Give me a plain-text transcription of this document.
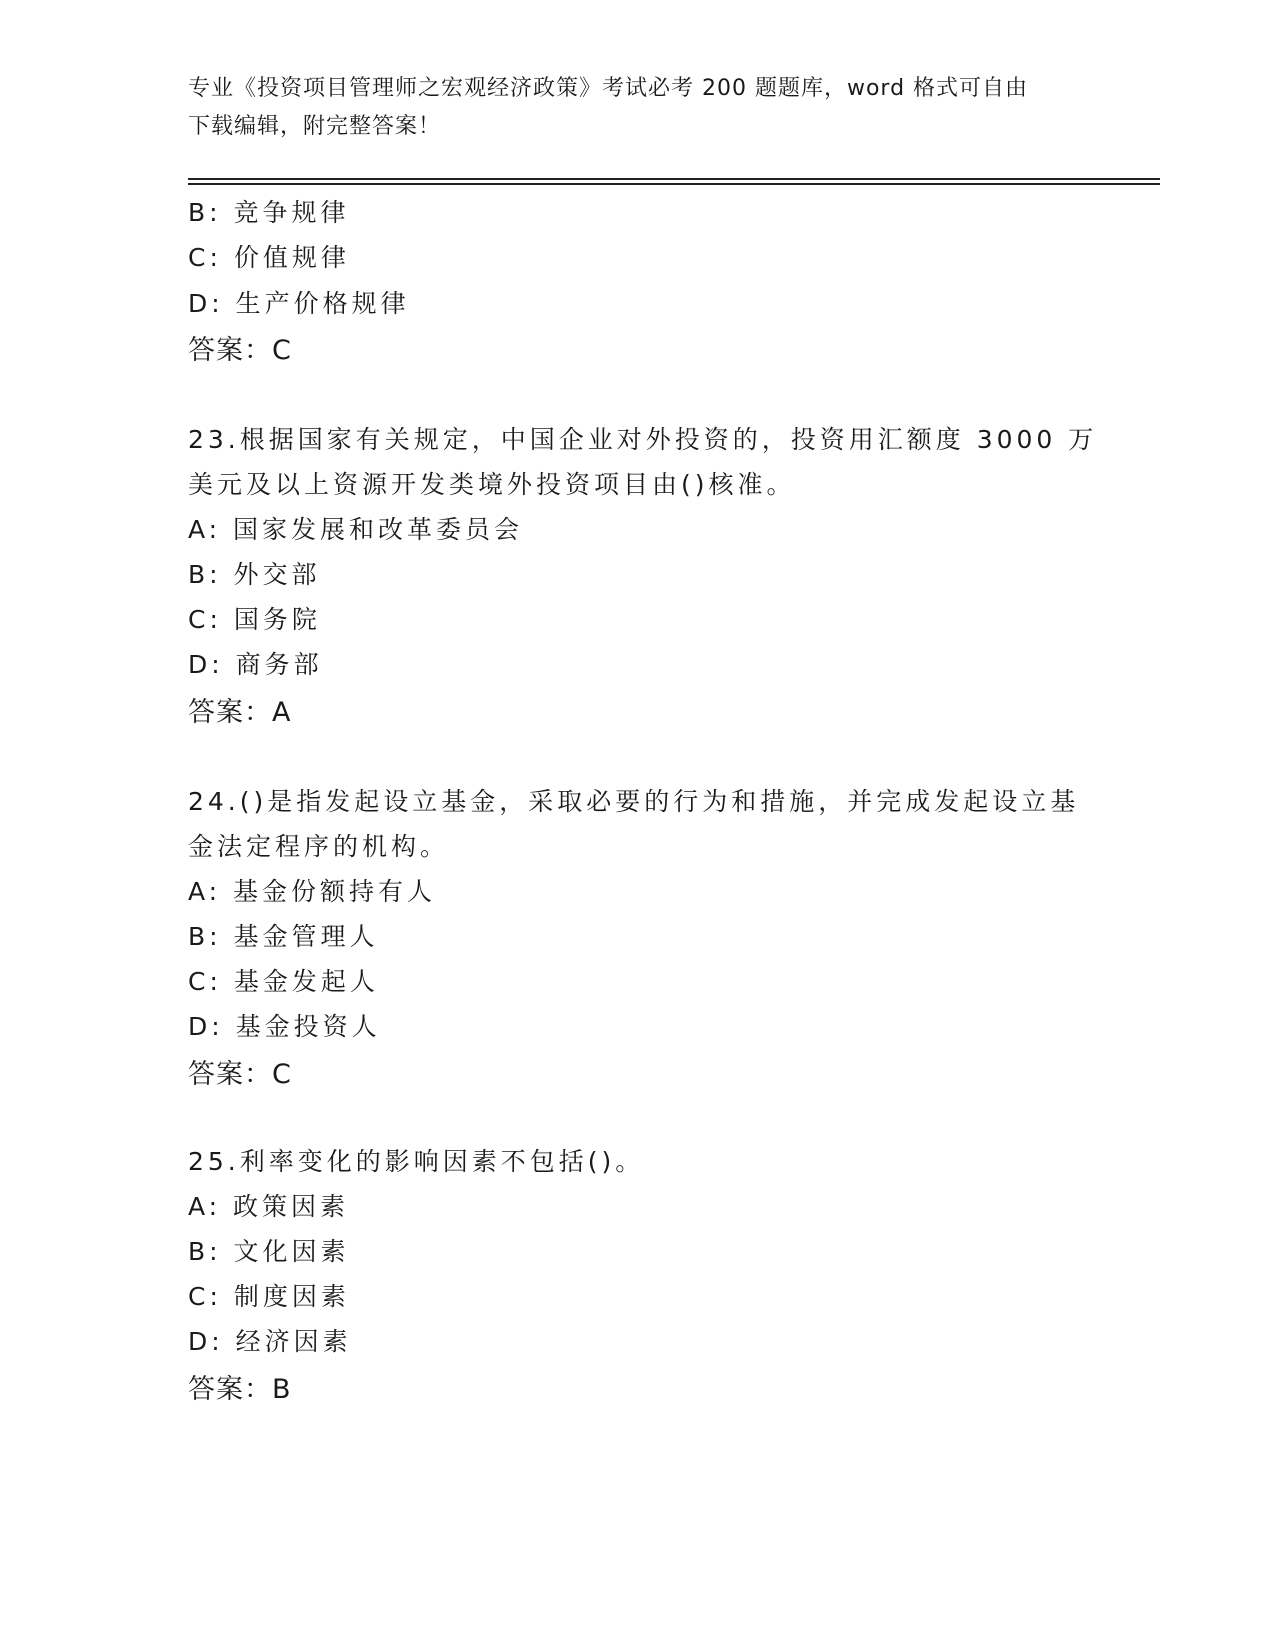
专业《投资项目管理师之宏观经济政策》考试必考 200 题题库，word 格式可自由
下载编辑，附完整答案！
B: 竞争规律
C: 价值规律
D: 生产价格规律
答案：C
23.根据国家有关规定，中国企业对外投资的，投资用汇额度 3000 万
美元及以上资源开发类境外投资项目由()核准。
A: 国家发展和改革委员会
B: 外交部
C: 国务院
D: 商务部
答案：A
24.()是指发起设立基金，采取必要的行为和措施，并完成发起设立基
金法定程序的机构。
A: 基金份额持有人
B: 基金管理人
C: 基金发起人
D: 基金投资人
答案：C
25.利率变化的影响因素不包括()。
A: 政策因素
B: 文化因素
C: 制度因素
D: 经济因素
答案：B
